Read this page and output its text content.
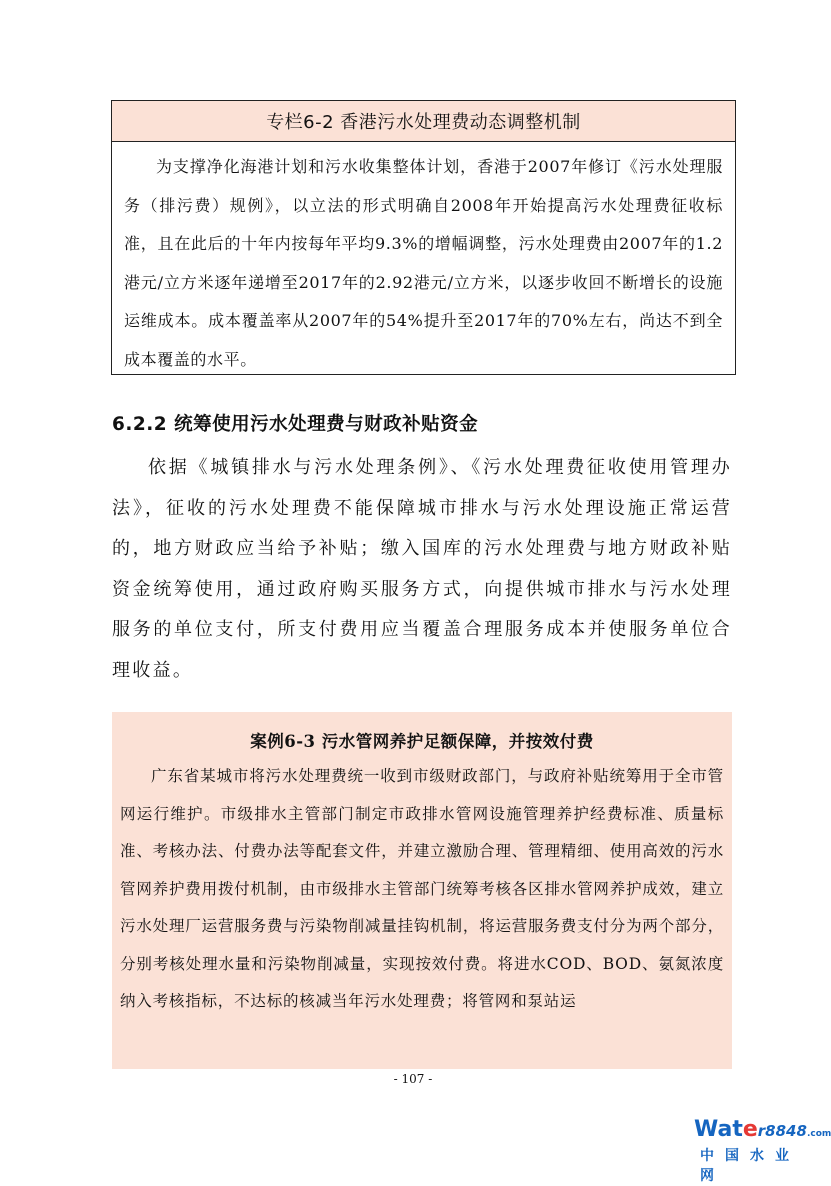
专栏6-2 香港污水处理费动态调整机制

为支撑净化海港计划和污水收集整体计划，香港于2007年修订《污水处理服务（排污费）规例》，以立法的形式明确自2008年开始提高污水处理费征收标准，且在此后的十年内按每年平均9.3%的增幅调整，污水处理费由2007年的1.2港元/立方米逐年递增至2017年的2.92港元/立方米，以逐步收回不断增长的设施运维成本。成本覆盖率从2007年的54%提升至2017年的70%左右，尚达不到全成本覆盖的水平。

6.2.2 统筹使用污水处理费与财政补贴资金

依据《城镇排水与污水处理条例》、《污水处理费征收使用管理办法》，征收的污水处理费不能保障城市排水与污水处理设施正常运营的，地方财政应当给予补贴；缴入国库的污水处理费与地方财政补贴资金统筹使用，通过政府购买服务方式，向提供城市排水与污水处理服务的单位支付，所支付费用应当覆盖合理服务成本并使服务单位合理收益。

案例6-3 污水管网养护足额保障，并按效付费

广东省某城市将污水处理费统一收到市级财政部门，与政府补贴统筹用于全市管网运行维护。市级排水主管部门制定市政排水管网设施管理养护经费标准、质量标准、考核办法、付费办法等配套文件，并建立激励合理、管理精细、使用高效的污水管网养护费用拨付机制，由市级排水主管部门统筹考核各区排水管网养护成效，建立污水处理厂运营服务费与污染物削减量挂钩机制，将运营服务费支付分为两个部分，分别考核处理水量和污染物削减量，实现按效付费。将进水COD、BOD、氨氮浓度纳入考核指标，不达标的核减当年污水处理费；将管网和泵站运

- 107 -
Water8848.com
中国水业网
